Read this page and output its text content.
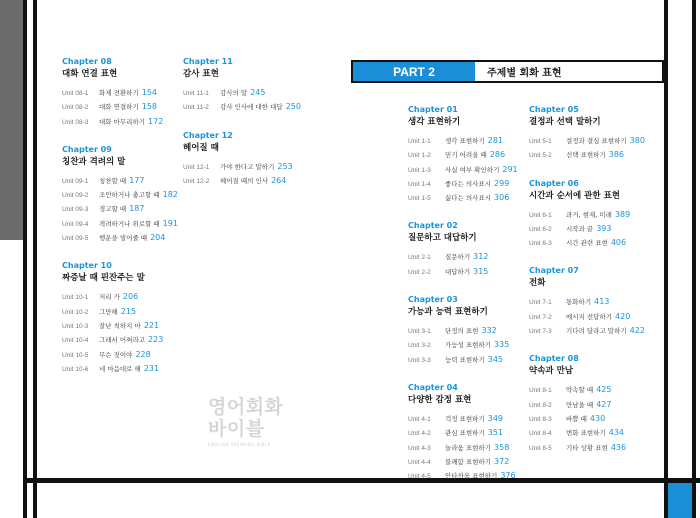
Chapter 08
대화 연결 표현
Unit 08-1 화제 전환하기 154
Unit 08-2 대화 연결하기 158
Unit 08-3 대화 마무리하기 172
Chapter 09
칭찬과 격려의 말
Unit 09-1 칭찬할 때 177
Unit 09-2 조언하거나 충고할 때 182
Unit 09-3 경고할 때 187
Unit 09-4 격려하거나 위로할 때 191
Unit 09-5 행운을 빌어줄 때 204
Chapter 10
짜증날 때 핀잔주는 말
Unit 10-1 저리 가 206
Unit 10-2 그만해 215
Unit 10-3 잘난 척하지 마 221
Unit 10-4 그래서 어쩌라고 223
Unit 10-5 무슨 짓이야 228
Unit 10-6 네 마음대로 해 231
Chapter 11
감사 표현
Unit 11-1 감사의 말 245
Unit 11-2 감사 인사에 대한 대답 250
Chapter 12
헤어질 때
Unit 12-1 가야 한다고 말하기 253
Unit 12-2 헤어질 때의 인사 264
PART 2	주제별 회화 표현
Chapter 01
생각 표현하기
Unit 1-1 생각 표현하기 281
Unit 1-2 믿기 어려울 때 286
Unit 1-3 사실 여부 확인하기 291
Unit 1-4 좋다는 의사표시 299
Unit 1-5 싫다는 의사표시 306
Chapter 02
질문하고 대답하기
Unit 2-1 질문하기 312
Unit 2-2 대답하기 315
Chapter 03
가능과 능력 표현하기
Unit 3-1 단정의 표현 332
Unit 3-2 가능성 표현하기 335
Unit 3-3 능력 표현하기 345
Chapter 04
다양한 감정 표현
Unit 4-1 걱정 표현하기 349
Unit 4-2 관심 표현하기 351
Unit 4-3 놀라움 표현하기 358
Unit 4-4 불쾌함 표현하기 372
Unit 4-5 안타까움 표현하기 376
Chapter 05
결정과 선택 말하기
Unit 5-1 결정과 결심 표현하기 380
Unit 5-2 선택 표현하기 386
Chapter 06
시간과 순서에 관한 표현
Unit 6-1 과거, 현재, 미래 389
Unit 6-2 시작과 끝 393
Unit 6-3 시간 관련 표현 406
Chapter 07
전화
Unit 7-1 통화하기 413
Unit 7-2 메시지 전달하기 420
Unit 7-3 기다려 달라고 말하기 422
Chapter 08
약속과 만남
Unit 8-1 약속할 때 425
Unit 8-2 만남을 때 427
Unit 8-3 바쁠 때 430
Unit 8-4 변화 표현하기 434
Unit 8-5 기타 상황 표현 436
영어회화
바이블
ENGLISH SPEAKING BIBLE
